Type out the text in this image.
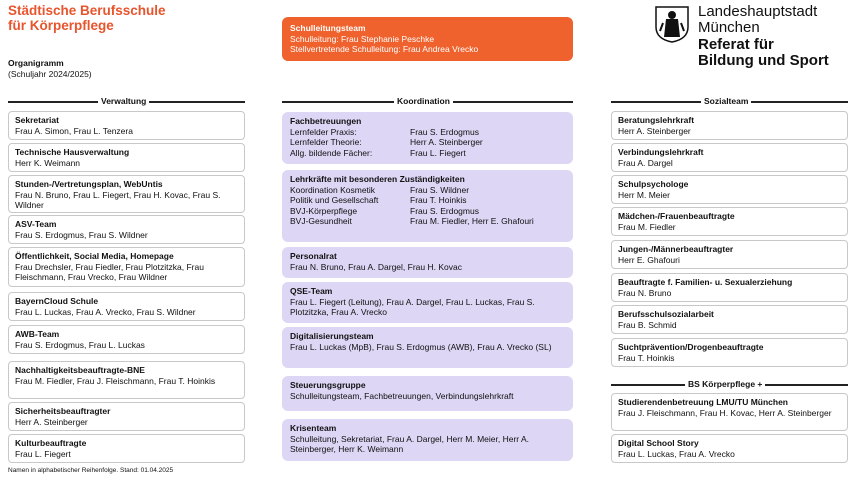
Städtische Berufsschule
für Körperpflege
Organigramm
(Schuljahr 2024/2025)
Schulleitungsteam
Schulleitung: Frau Stephanie Peschke
Stellvertretende Schulleitung: Frau Andrea Vrecko
Landeshauptstadt
München
Referat für
Bildung und Sport
Verwaltung
Sekretariat
Frau A. Simon, Frau L. Tenzera
Technische Hausverwaltung
Herr K. Weimann
Stunden-/Vertretungsplan, WebUntis
Frau N. Bruno, Frau L. Fiegert, Frau H. Kovac, Frau S. Wildner
ASV-Team
Frau S. Erdogmus, Frau S. Wildner
Öffentlichkeit, Social Media, Homepage
Frau Drechsler, Frau Fiedler, Frau Plotzitzka, Frau Fleischmann, Frau Vrecko, Frau Wildner
BayernCloud Schule
Frau L. Luckas, Frau A. Vrecko, Frau S. Wildner
AWB-Team
Frau S. Erdogmus, Frau L. Luckas
Nachhaltigkeitsbeauftragte-BNE
Frau M. Fiedler, Frau J. Fleischmann, Frau T. Hoinkis
Sicherheitsbeauftragter
Herr A. Steinberger
Kulturbeauftragte
Frau L. Fiegert
Koordination
Fachbetreuungen
Lernfelder Praxis:	Frau S. Erdogmus
Lernfelder Theorie:	Herr A. Steinberger
Allg. bildende Fächer:	Frau L. Fiegert
Lehrkräfte mit besonderen Zuständigkeiten
Koordination Kosmetik	Frau S. Wildner
Politik und Gesellschaft	Frau T. Hoinkis
BVJ-Körperpflege	Frau S. Erdogmus
BVJ-Gesundheit	Frau M. Fiedler, Herr E. Ghafouri
Personalrat
Frau N. Bruno, Frau A. Dargel, Frau H. Kovac
QSE-Team
Frau L. Fiegert (Leitung), Frau A. Dargel, Frau L. Luckas, Frau S. Plotzitzka, Frau A. Vrecko
Digitalisierungsteam
Frau L. Luckas (MpB), Frau S. Erdogmus (AWB), Frau A. Vrecko (SL)
Steuerungsgruppe
Schulleitungsteam, Fachbetreuungen, Verbindungslehrkraft
Krisenteam
Schulleitung, Sekretariat, Frau A. Dargel, Herr M. Meier, Herr A. Steinberger, Herr K. Weimann
Sozialteam
Beratungslehrkraft
Herr A. Steinberger
Verbindungslehrkraft
Frau A. Dargel
Schulpsychologe
Herr M. Meier
Mädchen-/Frauenbeauftragte
Frau M. Fiedler
Jungen-/Männerbeauftragter
Herr E. Ghafouri
Beauftragte f. Familien- u. Sexualerziehung
Frau N. Bruno
Berufsschulsozialarbeit
Frau B. Schmid
Suchtprävention/Drogenbeauftragte
Frau T. Hoinkis
BS Körperpflege +
Studierendenbetreuung LMU/TU München
Frau J. Fleischmann, Frau H. Kovac, Herr A. Steinberger
Digital School Story
Frau L. Luckas, Frau A. Vrecko
Namen in alphabetischer Reihenfolge. Stand: 01.04.2025
